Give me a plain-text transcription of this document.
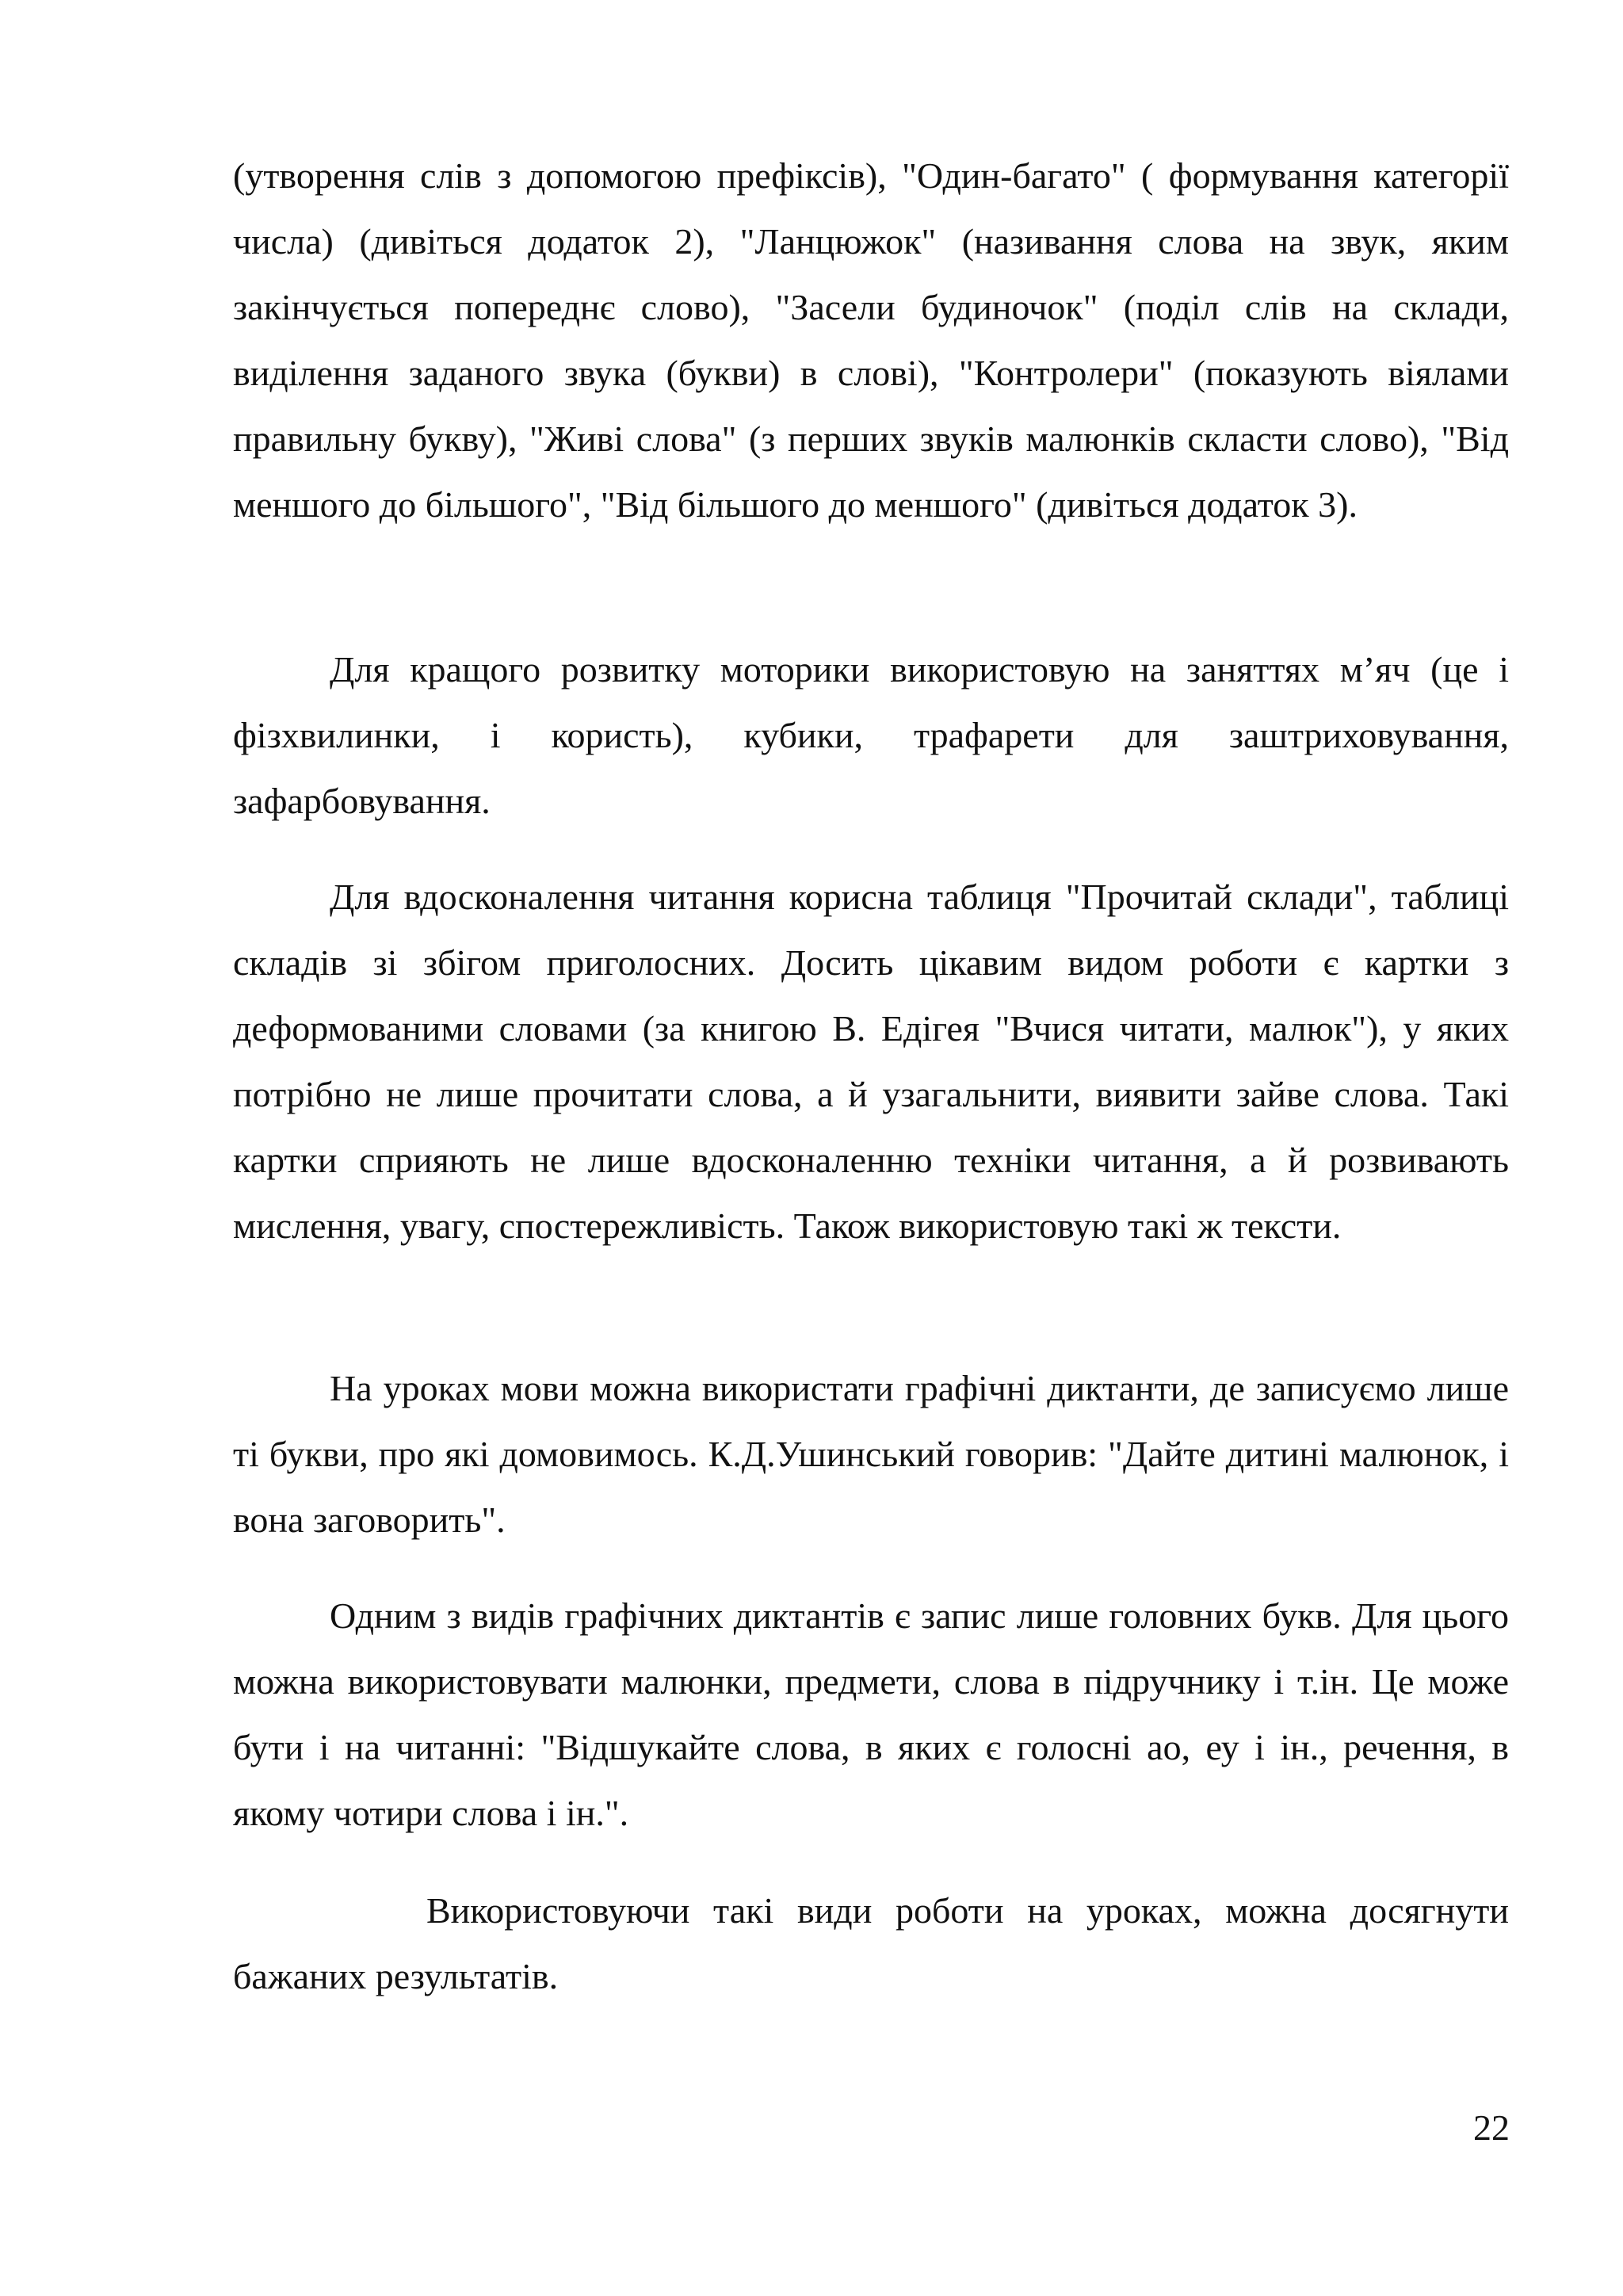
(утворення слів з допомогою префіксів), "Один-багато" ( формування категорії числа) (дивіться додаток 2), "Ланцюжок" (називання слова на звук, яким закінчується попереднє слово), "Засели будиночок" (поділ слів на склади, виділення заданого звука (букви) в слові), "Контролери" (показують віялами правильну букву), "Живі слова" (з перших звуків малюнків скласти слово), "Від меншого до більшого", "Від більшого до меншого" (дивіться додаток 3).

Для кращого розвитку моторики використовую на заняттях м’яч (це і фізхвилинки, і користь), кубики, трафарети для заштриховування, зафарбовування.

Для вдосконалення читання корисна таблиця "Прочитай склади", таблиці складів зі збігом приголосних. Досить цікавим видом роботи є картки з деформованими словами (за книгою В. Едігея "Вчися читати, малюк"), у яких потрібно не лише прочитати слова, а й узагальнити, виявити зайве слова. Такі картки сприяють не лише вдосконаленню техніки читання, а й розвивають мислення, увагу, спостережливість. Також використовую такі ж тексти.

На уроках мови можна використати графічні диктанти, де записуємо лише ті букви, про які домовимось. К.Д.Ушинський говорив: "Дайте дитині малюнок, і вона заговорить".

Одним з видів графічних диктантів є запис лише головних букв. Для цього можна використовувати малюнки, предмети, слова в підручнику і т.ін. Це може бути і на читанні: "Відшукайте слова, в яких є голосні ао, еу і ін., речення, в якому чотири слова і ін.".

Використовуючи такі види роботи на уроках, можна досягнути бажаних результатів.

22
